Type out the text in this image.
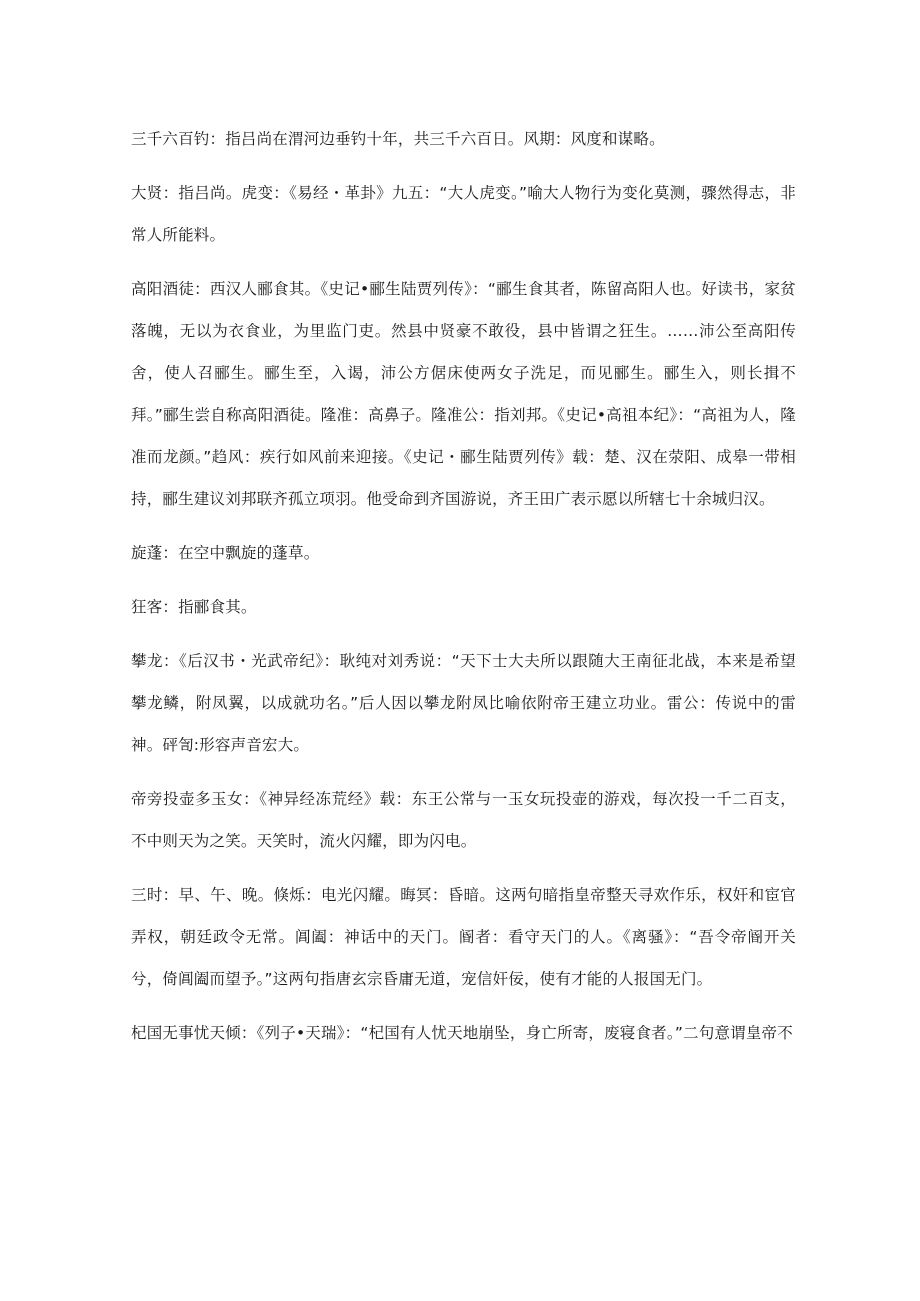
三千六百钓：指吕尚在渭河边垂钓十年，共三千六百日。风期：风度和谋略。

大贤：指吕尚。虎变：《易经・革卦》九五：“大人虎变。”喻大人物行为变化莫测，骤然得志，非常人所能料。

高阳酒徒：西汉人郦食其。《史记•郦生陆贾列传》：“郦生食其者，陈留高阳人也。好读书，家贫落魄，无以为衣食业，为里监门吏。然县中贤豪不敢役，县中皆谓之狂生。……沛公至高阳传舍，使人召郦生。郦生至，入谒，沛公方倨床使两女子洗足，而见郦生。郦生入，则长揖不拜。”郦生尝自称高阳酒徒。隆准：高鼻子。隆准公：指刘邦。《史记•高祖本纪》：“高祖为人，隆准而龙颜。”趋风：疾行如风前来迎接。《史记・郦生陆贾列传》载：楚、汉在荥阳、成皋一带相持，郦生建议刘邦联齐孤立项羽。他受命到齐国游说，齐王田广表示愿以所辖七十余城归汉。

旋蓬：在空中飘旋的蓬草。

狂客：指郦食其。

攀龙：《后汉书・光武帝纪》：耿纯对刘秀说：“天下士大夫所以跟随大王南征北战，本来是希望攀龙鳞，附凤翼，以成就功名。”后人因以攀龙附凤比喻依附帝王建立功业。雷公：传说中的雷神。砰訇:形容声音宏大。

帝旁投壶多玉女：《神异经冻荒经》载：东王公常与一玉女玩投壶的游戏，每次投一千二百支，不中则天为之笑。天笑时，流火闪耀，即为闪电。

三时：早、午、晚。倏烁：电光闪耀。晦冥：昏暗。这两句暗指皇帝整天寻欢作乐，权奸和宦官弄权，朝廷政令无常。阊阖：神话中的天门。阍者：看守天门的人。《离骚》：“吾令帝阍开关兮，倚阊阖而望予。”这两句指唐玄宗昏庸无道，宠信奸佞，使有才能的人报国无门。

杞国无事忧天倾：《列子•天瑞》：“杞国有人忧天地崩坠，身亡所寄，废寝食者。”二句意谓皇帝不
